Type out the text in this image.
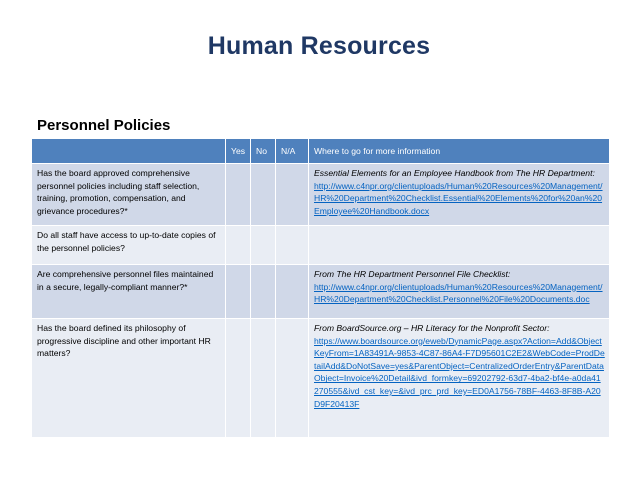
Human Resources
Personnel Policies
	Yes	No	N/A	Where to go for more information
Has the board approved comprehensive personnel policies including staff selection, training, promotion, compensation, and grievance procedures?*				Essential Elements for an Employee Handbook from The HR Department:
http://www.c4npr.org/clientuploads/Human%20Resources%20Management/HR%20Department%20Checklist.Essential%20Elements%20for%20an%20Employee%20Handbook.docx

Do all staff have access to up-to-date copies of the personnel policies?				
Are comprehensive personnel files maintained in a secure, legally-compliant manner?*				From The HR Department Personnel File Checklist:
http://www.c4npr.org/clientuploads/Human%20Resources%20Management/HR%20Department%20Checklist.Personnel%20File%20Documents.doc

Has the board defined its philosophy of progressive discipline and other important HR matters?				From BoardSource.org – HR Literacy for the Nonprofit Sector:
https://www.boardsource.org/eweb/DynamicPage.aspx?Action=Add&ObjectKeyFrom=1A83491A-9853-4C87-86A4-F7D95601C2E2&WebCode=ProdDetailAdd&DoNotSave=yes&ParentObject=CentralizedOrderEntry&ParentDataObject=Invoice%20Detail&ivd_formkey=69202792-63d7-4ba2-bf4e-a0da41270555&ivd_cst_key=&ivd_prc_prd_key=ED0A1756-78BF-4463-8F8B-A20D9F20413F
